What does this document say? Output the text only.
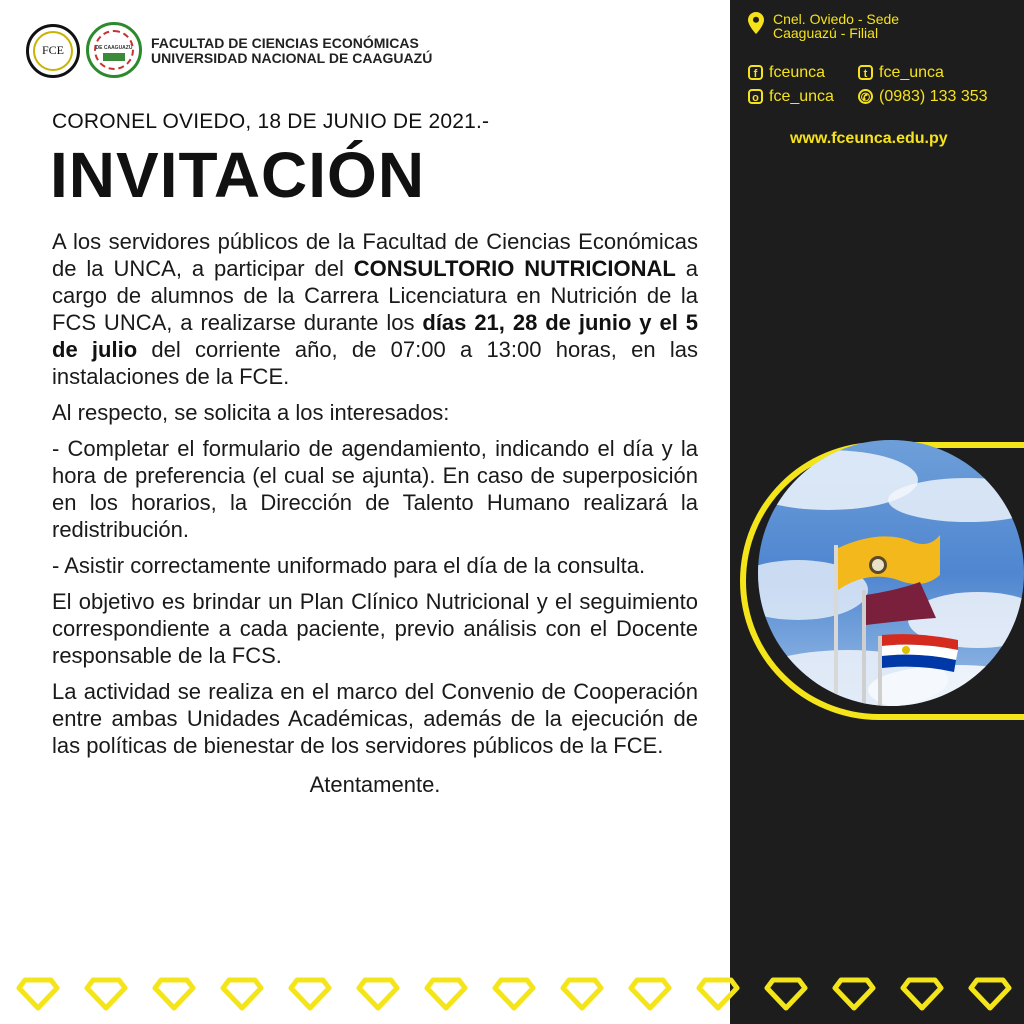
Cnel. Oviedo - Sede
Caaguazú - Filial
f fceunca	t fce_unca
o fce_unca ✆ (0983) 133 353
www.fceunca.edu.py
FCE	DE CAAGUAZÚ	FACULTAD DE CIENCIAS ECONÓMICAS
UNIVERSIDAD NACIONAL DE CAAGUAZÚ
CORONEL OVIEDO, 18 DE JUNIO DE 2021.-
INVITACIÓN

A los servidores públicos de la Facultad de Ciencias Económicas de la UNCA, a participar del CONSULTORIO NUTRICIONAL a cargo de alumnos de la Carrera Licenciatura en Nutrición de la FCS UNCA, a realizarse durante los días 21, 28 de junio y el 5 de julio del corriente año, de 07:00 a 13:00 horas, en las instalaciones de la FCE.

Al respecto, se solicita a los interesados:

- Completar el formulario de agendamiento, indicando el día y la hora de preferencia (el cual se ajunta). En caso de superposición en los horarios, la Dirección de Talento Humano realizará la redistribución.

- Asistir correctamente uniformado para el día de la consulta.

El objetivo es brindar un Plan Clínico Nutricional y el seguimiento correspondiente a cada paciente, previo análisis con el Docente responsable de la FCS.

La actividad se realiza en el marco del Convenio de Cooperación entre ambas Unidades Académicas, además de la ejecución de las políticas de bienestar de los servidores públicos de la FCE.

Atentamente.
